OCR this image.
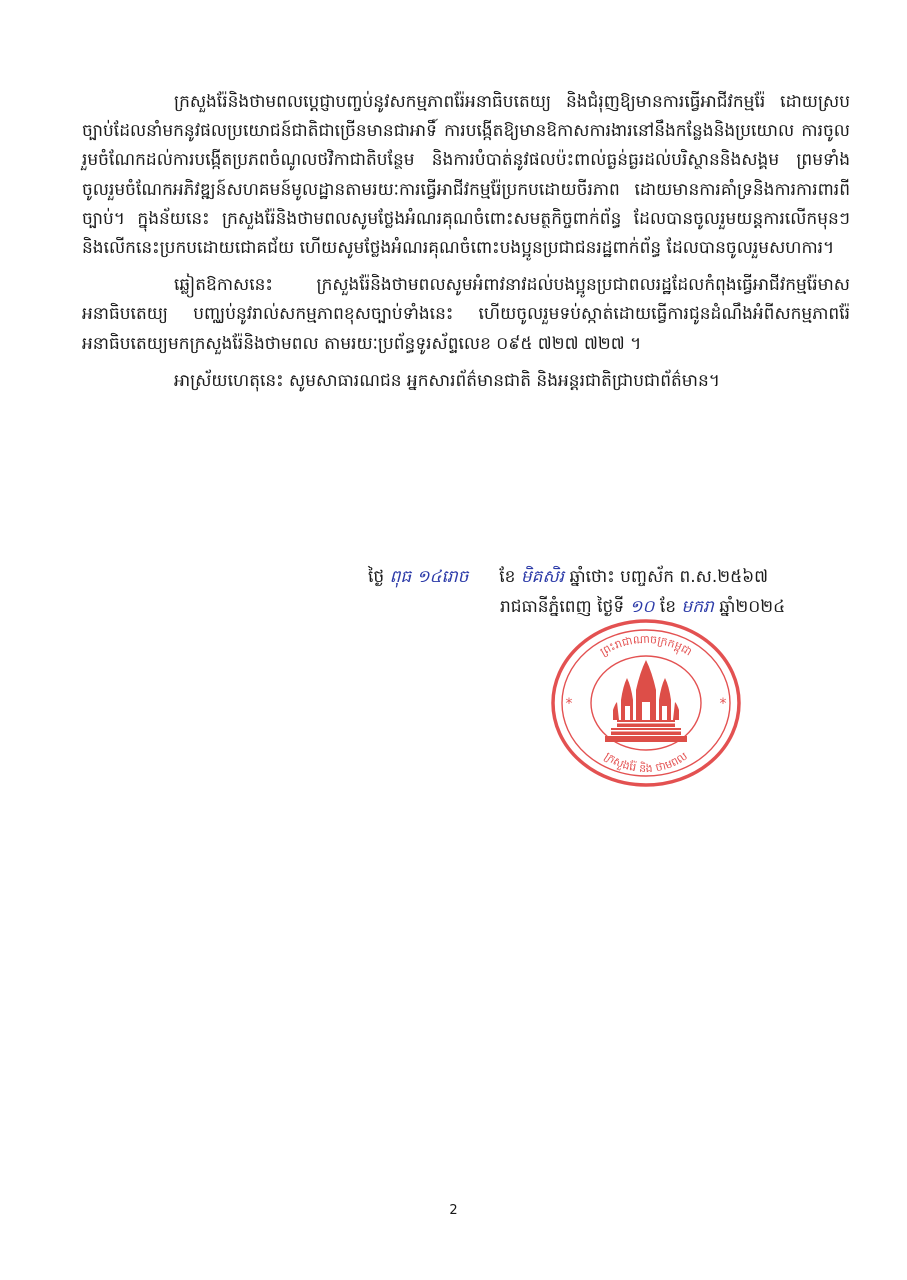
ក្រសួងរ៉ែនិងថាមពលប្ដេជ្ញាបញ្ចប់នូវសកម្មភាពរ៉ែអនាធិបតេយ្យ និងជំរុញឱ្យមានការធ្វើអាជីវកម្មរ៉ែ ដោយស្របច្បាប់ដែលនាំមកនូវផលប្រយោជន៍ជាតិជាច្រើនមានជាអាទិ៍ ការបង្កើតឱ្យមានឱកាសការងារនៅនឹងកន្លែងនិងប្រយោល ការចូលរួមចំណែកដល់ការបង្កើតប្រភពចំណូលថវិកាជាតិបន្ថែម និងការបំបាត់នូវផលប៉ះពាល់ធ្ងន់ធ្ងរដល់បរិស្ថាននិងសង្គម ព្រមទាំងចូលរួមចំណែកអភិវឌ្ឍន៍សហគមន៍មូលដ្ឋានតាមរយៈការធ្វើអាជីវកម្មរ៉ែប្រកបដោយចីរភាព ដោយមានការគាំទ្រនិងការការពារពីច្បាប់។ ក្នុងន័យនេះ ក្រសួងរ៉ែនិងថាមពលសូមថ្លែងអំណរគុណចំពោះសមត្ថកិច្ចពាក់ព័ន្ធ ដែលបានចូលរួមយន្តការលើកមុនៗ និងលើកនេះប្រកបដោយជោគជ័យ ហើយសូមថ្លែងអំណរគុណចំពោះបងប្អូនប្រជាជនរដ្ឋពាក់ព័ន្ធ ដែលបានចូលរួមសហការ។

ឆ្លៀតឱកាសនេះ ក្រសួងរ៉ែនិងថាមពលសូមអំពាវនាវដល់បងប្អូនប្រជាពលរដ្ឋដែលកំពុងធ្វើអាជីវកម្មរ៉ែមាសអនាធិបតេយ្យ បញ្ឈប់នូវរាល់សកម្មភាពខុសច្បាប់ទាំងនេះ ហើយចូលរួមទប់ស្កាត់ដោយធ្វើការជូនដំណឹងអំពីសកម្មភាពរ៉ែអនាធិបតេយ្យមកក្រសួងរ៉ែនិងថាមពល តាមរយៈប្រព័ន្ធទូរស័ព្ទលេខ ០៩៥ ៧២៧ ៧២៧ ។

អាស្រ័យហេតុនេះ សូមសាធារណជន អ្នកសារព័ត៌មានជាតិ និងអន្តរជាតិជ្រាបជាព័ត៌មាន។

ថ្ងៃ ពុធ ១៤រោច ខែ មិគសិរ ឆ្នាំថោះ បញ្ចស័ក ព.ស.២៥៦៧
រាជធានីភ្នំពេញ ថ្ងៃទី ១០ ខែ មករា ឆ្នាំ២០២៤
ព្រះរាជាណាចក្រកម្ពុជា
ក្រសួងរ៉ែ និង ថាមពល
*	*
2
